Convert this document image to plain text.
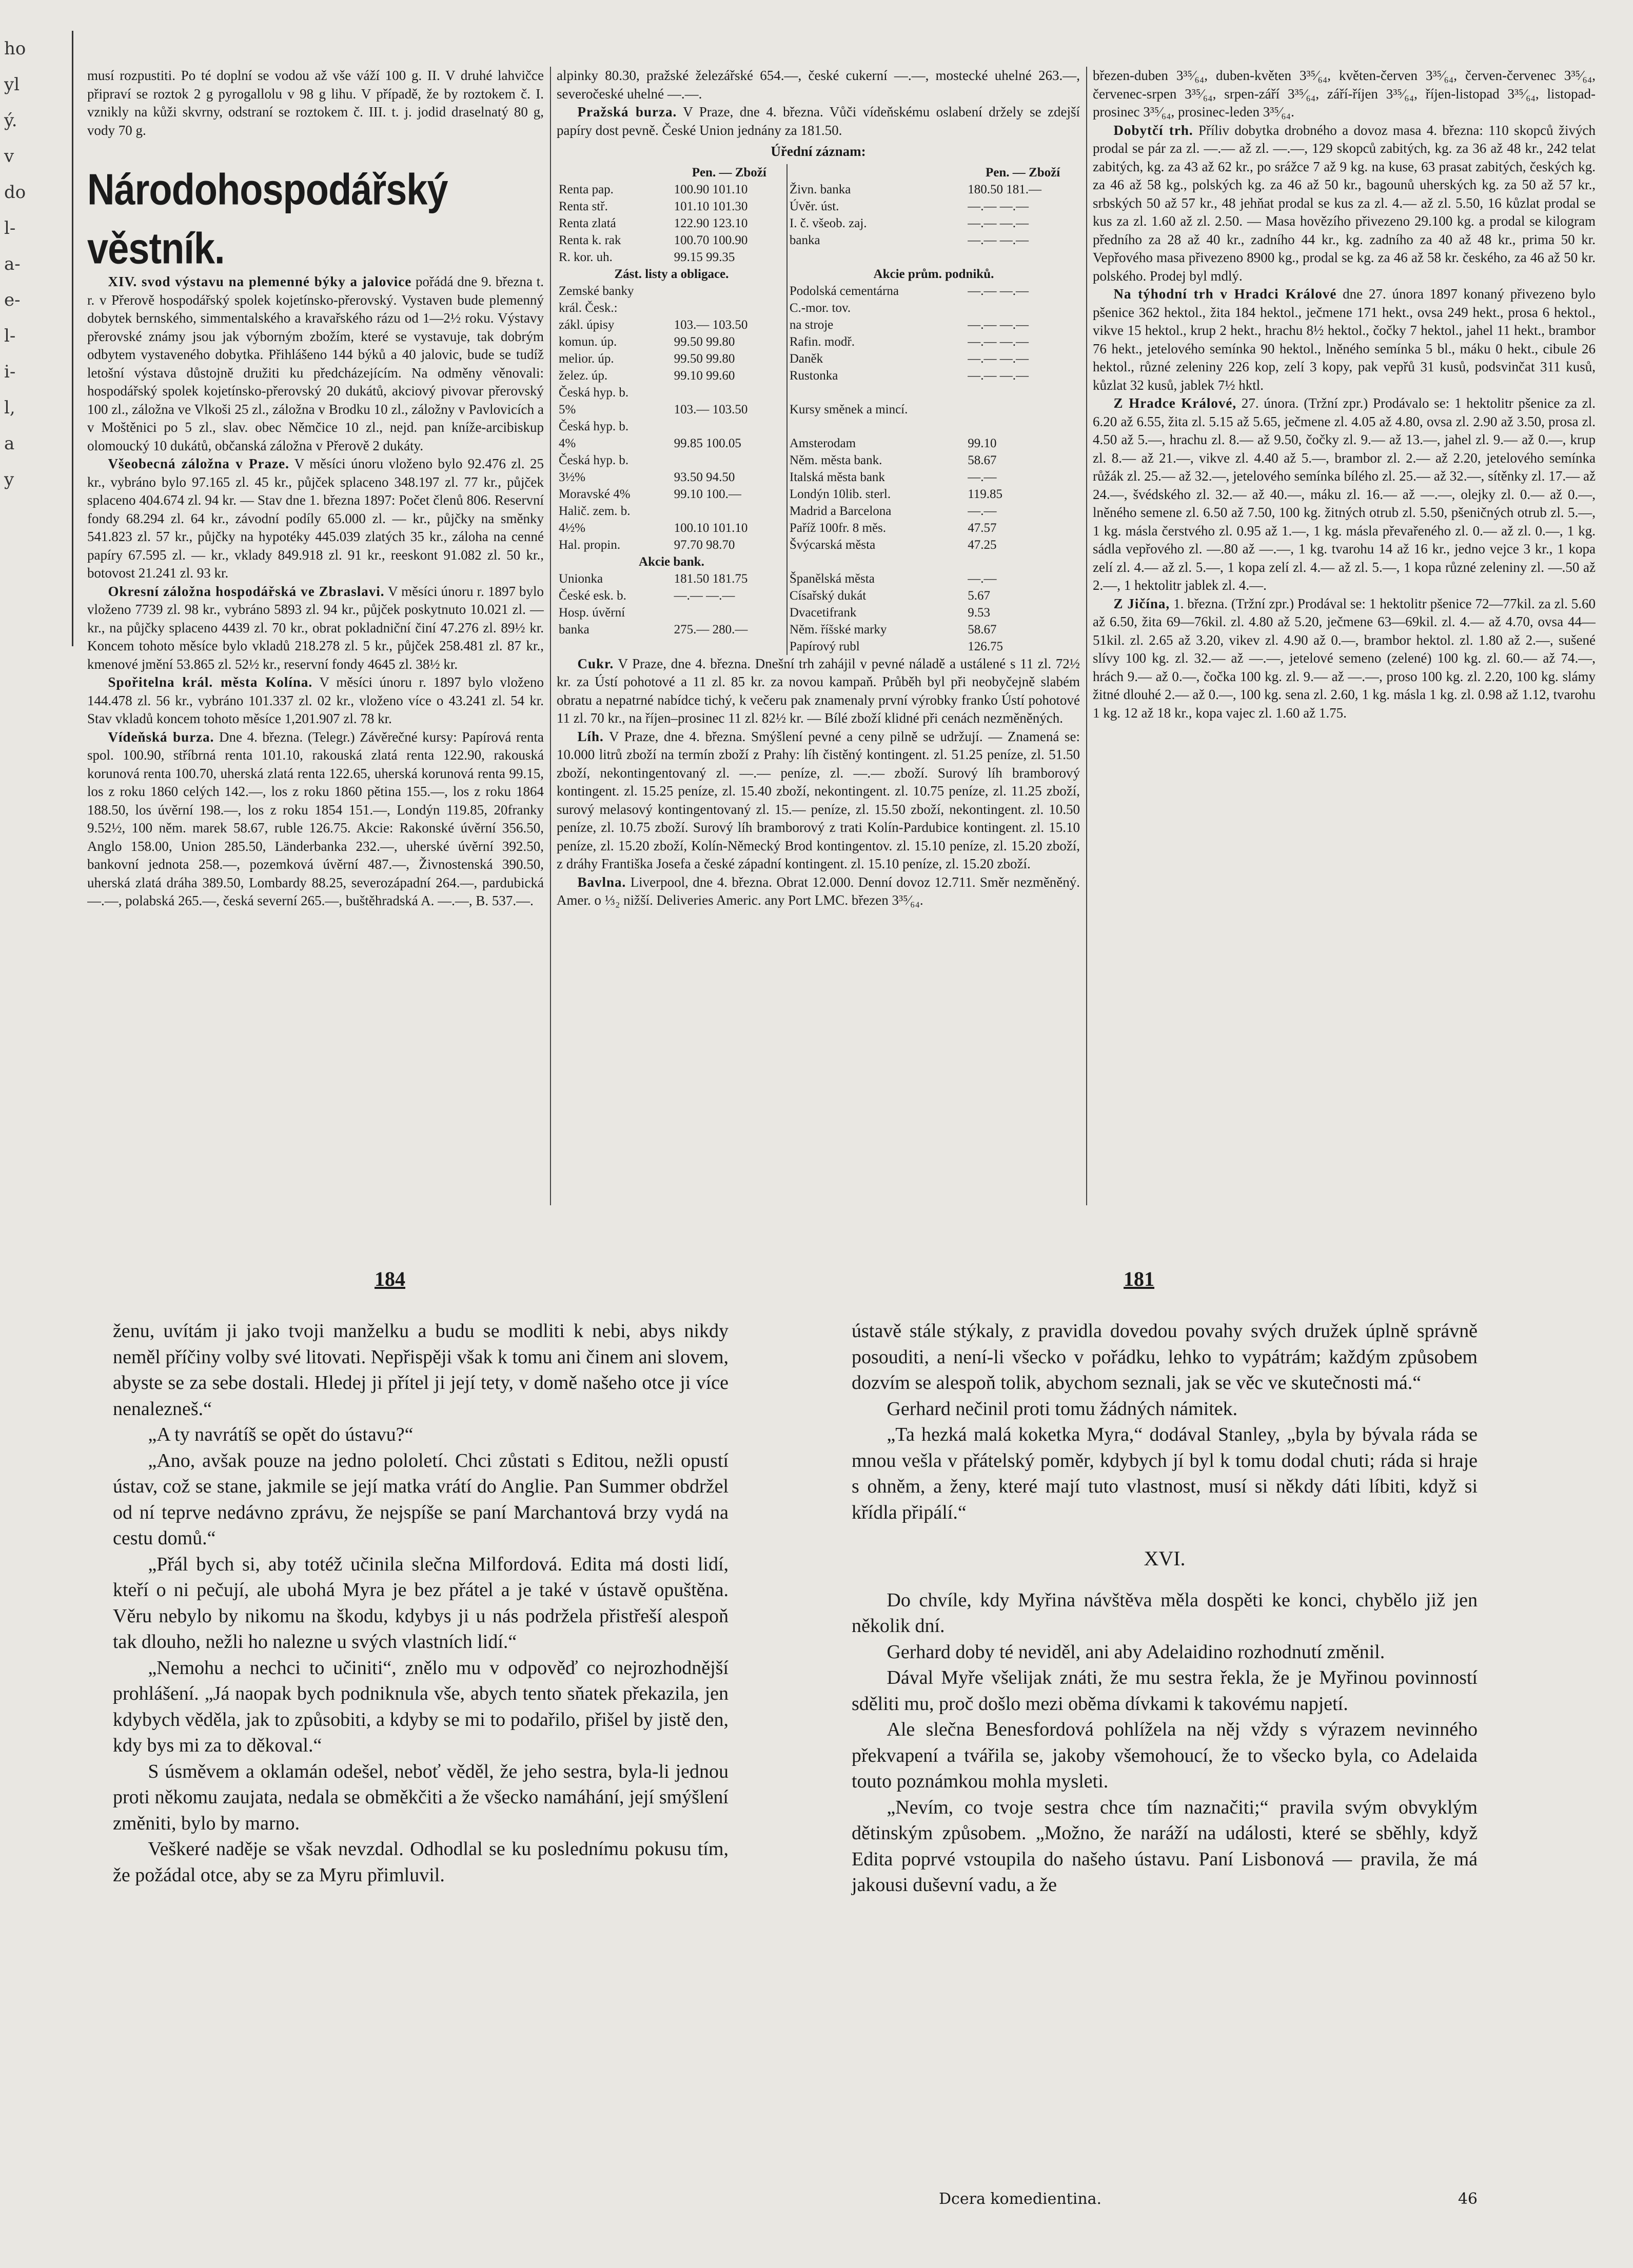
ho
yl
ý.
v
do
l-
a-
e-
l-
i-
l,
a
y

musí rozpustiti. Po té doplní se vodou až vše váží 100 g. II. V druhé lahvičce připraví se roztok 2 g pyrogallolu v 98 g lihu. V případě, že by roztokem č. I. vznikly na kůži skvrny, odstraní se roztokem č. III. t. j. jodid draselnatý 80 g, vody 70 g.

Národohospodářský věstník.

XIV. svod výstavu na plemenné býky a jalovice pořádá dne 9. března t. r. v Přerově hospodářský spolek kojetínsko-přerovský. Vystaven bude plemenný dobytek bernského, simmentalského a kravařského rázu od 1—2½ roku. Výstavy přerovské známy jsou jak výborným zbožím, které se vystavuje, tak dobrým odbytem vystaveného dobytka. Přihlášeno 144 býků a 40 jalovic, bude se tudíž letošní výstava důstojně družiti ku předcházejícím. Na odměny věnovali: hospodářský spolek kojetínsko-přerovský 20 dukátů, akciový pivovar přerovský 100 zl., záložna ve Vlkoši 25 zl., záložna v Brodku 10 zl., záložny v Pavlovicích a v Moštěnici po 5 zl., slav. obec Němčice 10 zl., nejd. pan kníže-arcibiskup olomoucký 10 dukátů, občanská záložna v Přerově 2 dukáty.

Všeobecná záložna v Praze. V měsíci únoru vloženo bylo 92.476 zl. 25 kr., vybráno bylo 97.165 zl. 45 kr., půjček splaceno 348.197 zl. 77 kr., půjček splaceno 404.674 zl. 94 kr. — Stav dne 1. března 1897: Počet členů 806. Reservní fondy 68.294 zl. 64 kr., závodní podíly 65.000 zl. — kr., půjčky na směnky 541.823 zl. 57 kr., půjčky na hypotéky 445.039 zlatých 35 kr., záloha na cenné papíry 67.595 zl. — kr., vklady 849.918 zl. 91 kr., reeskont 91.082 zl. 50 kr., botovost 21.241 zl. 93 kr.

Okresní záložna hospodářská ve Zbraslavi. V měsíci únoru r. 1897 bylo vloženo 7739 zl. 98 kr., vybráno 5893 zl. 94 kr., půjček poskytnuto 10.021 zl. — kr., na půjčky splaceno 4439 zl. 70 kr., obrat pokladniční činí 47.276 zl. 89½ kr. Koncem tohoto měsíce bylo vkladů 218.278 zl. 5 kr., půjček 258.481 zl. 87 kr., kmenové jmění 53.865 zl. 52½ kr., reservní fondy 4645 zl. 38½ kr.

Spořitelna král. města Kolína. V měsíci únoru r. 1897 bylo vloženo 144.478 zl. 56 kr., vybráno 101.337 zl. 02 kr., vloženo více o 43.241 zl. 54 kr. Stav vkladů koncem tohoto měsíce 1,201.907 zl. 78 kr.

Vídeňská burza. Dne 4. března. (Telegr.) Závěrečné kursy: Papírová renta spol. 100.90, stříbrná renta 101.10, rakouská zlatá renta 122.90, rakouská korunová renta 100.70, uherská zlatá renta 122.65, uherská korunová renta 99.15, los z roku 1860 celých 142.—, los z roku 1860 pětina 155.—, los z roku 1864 188.50, los úvěrní 198.—, los z roku 1854 151.—, Londýn 119.85, 20franky 9.52½, 100 něm. marek 58.67, ruble 126.75. Akcie: Rakonské úvěrní 356.50, Anglo 158.00, Union 285.50, Länderbanka 232.—, uherské úvěrní 392.50, bankovní jednota 258.—, pozemková úvěrní 487.—, Živnostenská 390.50, uherská zlatá dráha 389.50, Lombardy 88.25, severozápadní 264.—, pardubická —.—, polabská 265.—, česká severní 265.—, buštěhradská A. —.—, B. 537.—.

alpinky 80.30, pražské železářské 654.—, české cukerní —.—, mostecké uhelné 263.—, severočeské uhelné —.—.

Pražská burza. V Praze, dne 4. března. Vůči vídeňskému oslabení držely se zdejší papíry dost pevně. České Union jednány za 181.50.

Úřední záznam:
	Pen. — Zboží		Pen. — Zboží
Renta pap.	100.90 101.10	Živn. banka	180.50 181.—
Renta stř.	101.10 101.30	Úvěr. úst.	—.— —.—
Renta zlatá	122.90 123.10	I. č. všeob. zaj.	—.— —.—
Renta k. rak	100.70 100.90	banka	—.— —.—
R. kor. uh.	99.15 99.35		
Zást. listy a obligace.		Akcie prům. podniků.	
Zemské banky		Podolská cementárna	—.— —.—
král. Česk.:		C.-mor. tov.	
zákl. úpisy	103.— 103.50	na stroje	—.— —.—
komun. úp.	99.50 99.80	Rafin. modř.	—.— —.—
melior. úp.	99.50 99.80	Daněk	—.— —.—
želez. úp.	99.10 99.60	Rustonka	—.— —.—
Česká hyp. b.			
5%	103.— 103.50	Kursy směnek a mincí.	
Česká hyp. b.			
4%	99.85 100.05	Amsterodam	99.10
Česká hyp. b.		Něm. města bank.	58.67
3½%	93.50 94.50	Italská města bank	—.—
Moravské 4%	99.10 100.—	Londýn 10lib. sterl.	119.85
Halič. zem. b.		Madrid a Barcelona	—.—
4½%	100.10 101.10	Paříž 100fr. 8 měs.	47.57
Hal. propin.	97.70 98.70	Švýcarská města	47.25
Akcie bank.			
Unionka	181.50 181.75	Španělská města	—.—
České esk. b.	—.— —.—	Císařský dukát	5.67
Hosp. úvěrní		Dvacetifrank	9.53
banka	275.— 280.—	Něm. říšské marky	58.67
		Papírový rubl	126.75

Cukr. V Praze, dne 4. března. Dnešní trh zahájil v pevné náladě a ustálené s 11 zl. 72½ kr. za Ústí pohotové a 11 zl. 85 kr. za novou kampaň. Průběh byl při neobyčejně slabém obratu a nepatrné nabídce tichý, k večeru pak znamenaly první výrobky franko Ústí pohotové 11 zl. 70 kr., na říjen–prosinec 11 zl. 82½ kr. — Bílé zboží klidné při cenách nezměněných.

Líh. V Praze, dne 4. března. Smýšlení pevné a ceny pilně se udržují. — Znamená se: 10.000 litrů zboží na termín zboží z Prahy: líh čistěný kontingent. zl. 51.25 peníze, zl. 51.50 zboží, nekontingentovaný zl. —.— peníze, zl. —.— zboží. Surový líh bramborový kontingent. zl. 15.25 peníze, zl. 15.40 zboží, nekontingent. zl. 10.75 peníze, zl. 11.25 zboží, surový melasový kontingentovaný zl. 15.— peníze, zl. 15.50 zboží, nekontingent. zl. 10.50 peníze, zl. 10.75 zboží. Surový líh bramborový z trati Kolín-Pardubice kontingent. zl. 15.10 peníze, zl. 15.20 zboží, Kolín-Německý Brod kontingentov. zl. 15.10 peníze, zl. 15.20 zboží, z dráhy Františka Josefa a české západní kontingent. zl. 15.10 peníze, zl. 15.20 zboží.

Bavlna. Liverpool, dne 4. března. Obrat 12.000. Denní dovoz 12.711. Směr nezměněný. Amer. o ⅓₂ nižší. Deliveries Americ. any Port LMC. březen 3³⁵⁄₆₄.

březen-duben 3³⁵⁄₆₄, duben-květen 3³⁵⁄₆₄, květen-červen 3³⁵⁄₆₄, červen-červenec 3³⁵⁄₆₄, červenec-srpen 3³⁵⁄₆₄, srpen-září 3³⁵⁄₆₄, září-říjen 3³⁵⁄₆₄, říjen-listopad 3³⁵⁄₆₄, listopad-prosinec 3³⁵⁄₆₄, prosinec-leden 3³⁵⁄₆₄.

Dobytčí trh. Příliv dobytka drobného a dovoz masa 4. března: 110 skopců živých prodal se pár za zl. —.— až zl. —.—, 129 skopců zabitých, kg. za 36 až 48 kr., 242 telat zabitých, kg. za 43 až 62 kr., po srážce 7 až 9 kg. na kuse, 63 prasat zabitých, českých kg. za 46 až 58 kg., polských kg. za 46 až 50 kr., bagounů uherských kg. za 50 až 57 kr., srbských 50 až 57 kr., 48 jehňat prodal se kus za zl. 4.— až zl. 5.50, 16 kůzlat prodal se kus za zl. 1.60 až zl. 2.50. — Masa hovězího přivezeno 29.100 kg. a prodal se kilogram předního za 28 až 40 kr., zadního 44 kr., kg. zadního za 40 až 48 kr., prima 50 kr. Vepřového masa přivezeno 8900 kg., prodal se kg. za 46 až 58 kr. českého, za 46 až 50 kr. polského. Prodej byl mdlý.

Na týhodní trh v Hradci Králové dne 27. února 1897 konaný přivezeno bylo pšenice 362 hektol., žita 184 hektol., ječmene 171 hekt., ovsa 249 hekt., prosa 6 hektol., vikve 15 hektol., krup 2 hekt., hrachu 8½ hektol., čočky 7 hektol., jahel 11 hekt., brambor 76 hekt., jetelového semínka 90 hektol., lněného semínka 5 bl., máku 0 hekt., cibule 26 hektol., různé zeleniny 226 kop, zelí 3 kopy, pak vepřů 31 kusů, podsvinčat 311 kusů, kůzlat 32 kusů, jablek 7½ hktl.

Z Hradce Králové, 27. února. (Tržní zpr.) Prodávalo se: 1 hektolitr pšenice za zl. 6.20 až 6.55, žita zl. 5.15 až 5.65, ječmene zl. 4.05 až 4.80, ovsa zl. 2.90 až 3.50, prosa zl. 4.50 až 5.—, hrachu zl. 8.— až 9.50, čočky zl. 9.— až 13.—, jahel zl. 9.— až 0.—, krup zl. 8.— až 21.—, vikve zl. 4.40 až 5.—, brambor zl. 2.— až 2.20, jetelového semínka růžák zl. 25.— až 32.—, jetelového semínka bílého zl. 25.— až 32.—, sítěnky zl. 17.— až 24.—, švédského zl. 32.— až 40.—, máku zl. 16.— až —.—, olejky zl. 0.— až 0.—, lněného semene zl. 6.50 až 7.50, 100 kg. žitných otrub zl. 5.50, pšeničných otrub zl. 5.—, 1 kg. másla čerstvého zl. 0.95 až 1.—, 1 kg. másla převařeného zl. 0.— až zl. 0.—, 1 kg. sádla vepřového zl. —.80 až —.—, 1 kg. tvarohu 14 až 16 kr., jedno vejce 3 kr., 1 kopa zelí zl. 4.— až zl. 5.—, 1 kopa zelí zl. 4.— až zl. 5.—, 1 kopa různé zeleniny zl. —.50 až 2.—, 1 hektolitr jablek zl. 4.—.

Z Jičína, 1. března. (Tržní zpr.) Prodával se: 1 hektolitr pšenice 72—77kil. za zl. 5.60 až 6.50, žita 69—76kil. zl. 4.80 až 5.20, ječmene 63—69kil. zl. 4.— až 4.70, ovsa 44—51kil. zl. 2.65 až 3.20, vikev zl. 4.90 až 0.—, brambor hektol. zl. 1.80 až 2.—, sušené slívy 100 kg. zl. 32.— až —.—, jetelové semeno (zelené) 100 kg. zl. 60.— až 74.—, hrách 9.— až 0.—, čočka 100 kg. zl. 9.— až —.—, proso 100 kg. zl. 2.20, 100 kg. slámy žitné dlouhé 2.— až 0.—, 100 kg. sena zl. 2.60, 1 kg. másla 1 kg. zl. 0.98 až 1.12, tvarohu 1 kg. 12 až 18 kr., kopa vajec zl. 1.60 až 1.75.

184	181

ženu, uvítám ji jako tvoji manželku a budu se modliti k nebi, abys nikdy neměl příčiny volby své litovati. Nepřispěji však k tomu ani činem ani slovem, abyste se za sebe dostali. Hledej ji přítel ji její tety, v domě našeho otce ji více nenalezneš.“

„A ty navrátíš se opět do ústavu?“

„Ano, avšak pouze na jedno pololetí. Chci zůstati s Editou, nežli opustí ústav, což se stane, jakmile se její matka vrátí do Anglie. Pan Summer obdržel od ní teprve nedávno zprávu, že nejspíše se paní Marchantová brzy vydá na cestu domů.“

„Přál bych si, aby totéž učinila slečna Milfordová. Edita má dosti lidí, kteří o ni pečují, ale ubohá Myra je bez přátel a je také v ústavě opuštěna. Věru nebylo by nikomu na škodu, kdybys ji u nás podržela přistřeší alespoň tak dlouho, nežli ho nalezne u svých vlastních lidí.“

„Nemohu a nechci to učiniti“, znělo mu v odpověď co nejrozhodnější prohlášení. „Já naopak bych podniknula vše, abych tento sňatek překazila, jen kdybych věděla, jak to způsobiti, a kdyby se mi to podařilo, přišel by jistě den, kdy bys mi za to děkoval.“

S úsměvem a oklamán odešel, neboť věděl, že jeho sestra, byla-li jednou proti někomu zaujata, nedala se obměkčiti a že všecko namáhání, její smýšlení změniti, bylo by marno.

Veškeré naděje se však nevzdal. Odhodlal se ku poslednímu pokusu tím, že požádal otce, aby se za Myru přimluvil.

ústavě stále stýkaly, z pravidla dovedou povahy svých družek úplně správně posouditi, a není-li všecko v pořádku, lehko to vypátrám; každým způsobem dozvím se alespoň tolik, abychom seznali, jak se věc ve skutečnosti má.“

Gerhard nečinil proti tomu žádných námitek.

„Ta hezká malá koketka Myra,“ dodával Stanley, „byla by bývala ráda se mnou vešla v přátelský poměr, kdybych jí byl k tomu dodal chuti; ráda si hraje s ohněm, a ženy, které mají tuto vlastnost, musí si někdy dáti líbiti, když si křídla připálí.“

XVI.

Do chvíle, kdy Myřina návštěva měla dospěti ke konci, chybělo již jen několik dní.

Gerhard doby té neviděl, ani aby Adelaidino rozhodnutí změnil.

Dával Myře všelijak znáti, že mu sestra řekla, že je Myřinou povinností sděliti mu, proč došlo mezi oběma dívkami k takovému napjetí.

Ale slečna Benesfordová pohlížela na něj vždy s výrazem nevinného překvapení a tvářila se, jakoby všemohoucí, že to všecko byla, co Adelaida touto poznámkou mohla mysleti.

„Nevím, co tvoje sestra chce tím naznačiti;“ pravila svým obvyklým dětinským způsobem. „Možno, že naráží na události, které se sběhly, když Edita poprvé vstoupila do našeho ústavu. Paní Lisbonová — pravila, že má jakousi duševní vadu, a že

Dcera komedientina.	46
